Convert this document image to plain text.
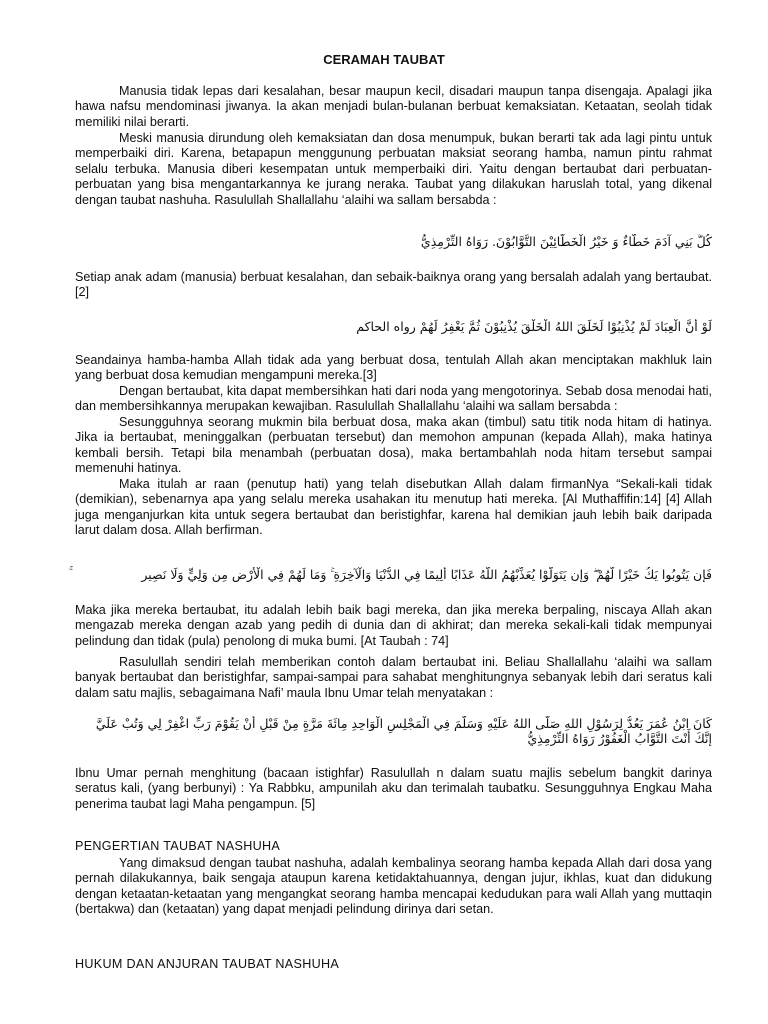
CERAMAH TAUBAT

Manusia tidak lepas dari kesalahan, besar maupun kecil, disadari maupun tanpa disengaja. Apalagi jika hawa nafsu mendominasi jiwanya. Ia akan menjadi bulan-bulanan berbuat kemaksiatan. Ketaatan, seolah tidak memiliki nilai berarti.

Meski manusia dirundung oleh kemaksiatan dan dosa menumpuk, bukan berarti tak ada lagi pintu untuk memperbaiki diri. Karena, betapapun menggunung perbuatan maksiat seorang hamba, namun pintu rahmat selalu terbuka. Manusia diberi kesempatan untuk memperbaiki diri. Yaitu dengan bertaubat dari perbuatan-perbuatan yang bisa mengantarkannya ke jurang neraka. Taubat yang dilakukan haruslah total, yang dikenal dengan taubat nashuha. Rasulullah Shallallahu ‘alaihi wa sallam bersabda :

كُلُّ بَنِي آدَمَ خَطَّاءٌ وَ خَيْرُ الْخَطَّائِيْنَ التَّوَّابُوْنَ. رَوَاهُ التِّرْمِذِيُّ

Setiap anak adam (manusia) berbuat kesalahan, dan sebaik-baiknya orang yang bersalah adalah yang bertaubat. [2]

لَوْ أَنَّ الْعِبَادَ لَمْ يُذْنِبُوْا لَخَلَقَ اللهُ الْخَلْقَ يُذْنِبُوْنَ ثُمَّ يَغْفِرُ لَهُمْ رواه الحاكم

Seandainya hamba-hamba Allah tidak ada yang berbuat dosa, tentulah Allah akan menciptakan makhluk lain yang berbuat dosa kemudian mengampuni mereka.[3]

Dengan bertaubat, kita dapat membersihkan hati dari noda yang mengotorinya. Sebab dosa menodai hati, dan membersihkannya merupakan kewajiban. Rasulullah Shallallahu ‘alaihi wa sallam bersabda :

Sesungguhnya seorang mukmin bila berbuat dosa, maka akan (timbul) satu titik noda hitam di hatinya. Jika ia bertaubat, meninggalkan (perbuatan tersebut) dan memohon ampunan (kepada Allah), maka hatinya kembali bersih. Tetapi bila menambah (perbuatan dosa), maka bertambahlah noda hitam tersebut sampai memenuhi hatinya.

Maka itulah ar raan (penutup hati) yang telah disebutkan Allah dalam firmanNya “Sekali-kali tidak (demikian), sebenarnya apa yang selalu mereka usahakan itu menutup hati mereka. [Al Muthaffifin:14] [4] Allah juga menganjurkan kita untuk segera bertaubat dan beristighfar, karena hal demikian jauh lebih baik daripada larut dalam dosa. Allah berfirman.

فَإِن يَتُوبُوا يَكُ خَيْرًا لَّهُمْ ۖ وَإِن يَتَوَلَّوْا يُعَذِّبْهُمُ اللَّهُ عَذَابًا أَلِيمًا فِي الدُّنْيَا وَالْآخِرَةِ ۚ وَمَا لَهُمْ فِي الْأَرْضِ مِن وَلِيٍّ وَلَا نَصِيرٍ

Maka jika mereka bertaubat, itu adalah lebih baik bagi mereka, dan jika mereka berpaling, niscaya Allah akan mengazab mereka dengan azab yang pedih di dunia dan di akhirat; dan mereka sekali-kali tidak mempunyai pelindung dan tidak (pula) penolong di muka bumi. [At Taubah : 74]

Rasulullah sendiri telah memberikan contoh dalam bertaubat ini. Beliau Shallallahu ‘alaihi wa sallam banyak bertaubat dan beristighfar, sampai-sampai para sahabat menghitungnya sebanyak lebih dari seratus kali dalam satu majlis, sebagaimana Nafi’ maula Ibnu Umar telah menyatakan :

كَانَ ابْنُ عُمَرَ يَعُدُّ لِرَسُوْلِ اللهِ صَلَّى اللهُ عَلَيْهِ وَسَلَّمَ فِي الْمَجْلِسِ الْوَاحِدِ مِائَةَ مَرَّةٍ مِنْ قَبْلِ أَنْ يَقُوْمَ رَبِّ اغْفِرْ لِي وَتُبْ عَلَيَّ إِنَّكَ أَنْتَ التَّوَّابُ الْغَفُوْرُ رَوَاهُ التِّرْمِذِيُّ

Ibnu Umar pernah menghitung (bacaan istighfar) Rasulullah n dalam suatu majlis sebelum bangkit darinya seratus kali, (yang berbunyi) : Ya Rabbku, ampunilah aku dan terimalah taubatku. Sesungguhnya Engkau Maha penerima taubat lagi Maha pengampun. [5]

PENGERTIAN TAUBAT NASHUHA

Yang dimaksud dengan taubat nashuha, adalah kembalinya seorang hamba kepada Allah dari dosa yang pernah dilakukannya, baik sengaja ataupun karena ketidaktahuannya, dengan jujur, ikhlas, kuat dan didukung dengan ketaatan-ketaatan yang mengangkat seorang hamba mencapai kedudukan para wali Allah yang muttaqin (bertakwa) dan (ketaatan) yang dapat menjadi pelindung dirinya dari setan.

HUKUM DAN ANJURAN TAUBAT NASHUHA
